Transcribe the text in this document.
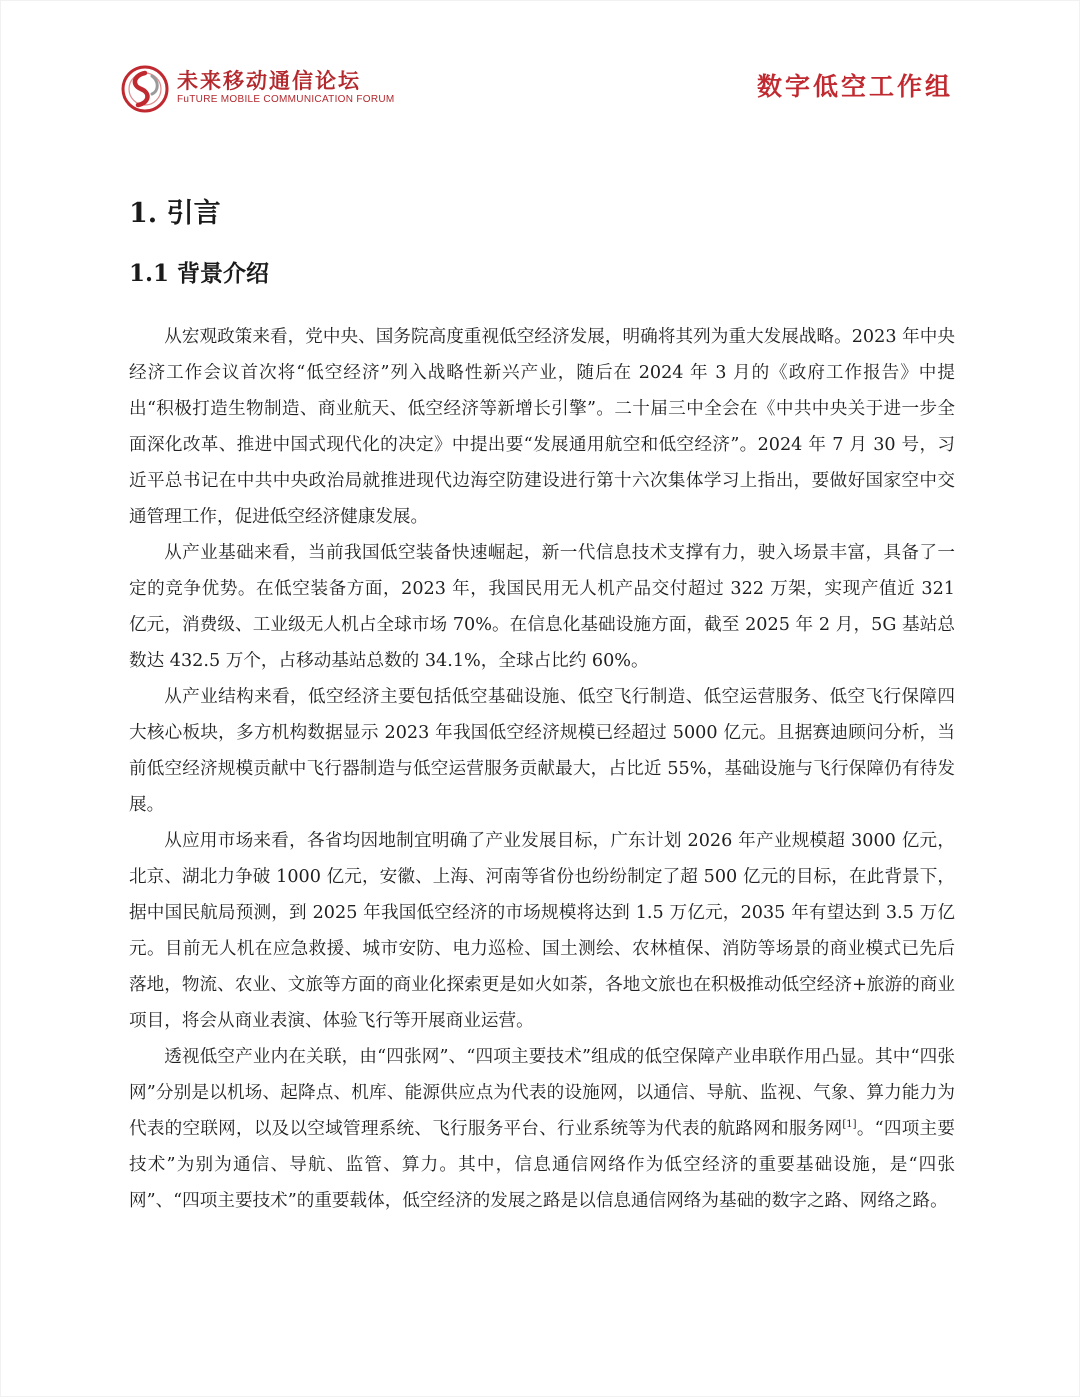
未来移动通信论坛
FuTURE MOBILE COMMUNICATION FORUM	数字低空工作组
1. 引言
1.1 背景介绍

从宏观政策来看，党中央、国务院高度重视低空经济发展，明确将其列为重大发展战略。2023 年中央经济工作会议首次将“低空经济”列入战略性新兴产业，随后在 2024 年 3 月的《政府工作报告》中提出“积极打造生物制造、商业航天、低空经济等新增长引擎”。二十届三中全会在《中共中央关于进一步全面深化改革、推进中国式现代化的决定》中提出要“发展通用航空和低空经济”。2024 年 7 月 30 号，习近平总书记在中共中央政治局就推进现代边海空防建设进行第十六次集体学习上指出，要做好国家空中交通管理工作，促进低空经济健康发展。

从产业基础来看，当前我国低空装备快速崛起，新一代信息技术支撑有力，驶入场景丰富，具备了一定的竞争优势。在低空装备方面，2023 年，我国民用无人机产品交付超过 322 万架，实现产值近 321 亿元，消费级、工业级无人机占全球市场 70%。在信息化基础设施方面，截至 2025 年 2 月，5G 基站总数达 432.5 万个，占移动基站总数的 34.1%，全球占比约 60%。

从产业结构来看，低空经济主要包括低空基础设施、低空飞行制造、低空运营服务、低空飞行保障四大核心板块，多方机构数据显示 2023 年我国低空经济规模已经超过 5000 亿元。且据赛迪顾问分析，当前低空经济规模贡献中飞行器制造与低空运营服务贡献最大，占比近 55%，基础设施与飞行保障仍有待发展。

从应用市场来看，各省均因地制宜明确了产业发展目标，广东计划 2026 年产业规模超 3000 亿元，北京、湖北力争破 1000 亿元，安徽、上海、河南等省份也纷纷制定了超 500 亿元的目标，在此背景下，据中国民航局预测，到 2025 年我国低空经济的市场规模将达到 1.5 万亿元，2035 年有望达到 3.5 万亿元。目前无人机在应急救援、城市安防、电力巡检、国土测绘、农林植保、消防等场景的商业模式已先后落地，物流、农业、文旅等方面的商业化探索更是如火如荼，各地文旅也在积极推动低空经济+旅游的商业项目，将会从商业表演、体验飞行等开展商业运营。

透视低空产业内在关联，由“四张网”、“四项主要技术”组成的低空保障产业串联作用凸显。其中“四张网”分别是以机场、起降点、机库、能源供应点为代表的设施网，以通信、导航、监视、气象、算力能力为代表的空联网，以及以空域管理系统、飞行服务平台、行业系统等为代表的航路网和服务网[1]。“四项主要技术”为别为通信、导航、监管、算力。其中，信息通信网络作为低空经济的重要基础设施，是“四张网”、“四项主要技术”的重要载体，低空经济的发展之路是以信息通信网络为基础的数字之路、网络之路。
